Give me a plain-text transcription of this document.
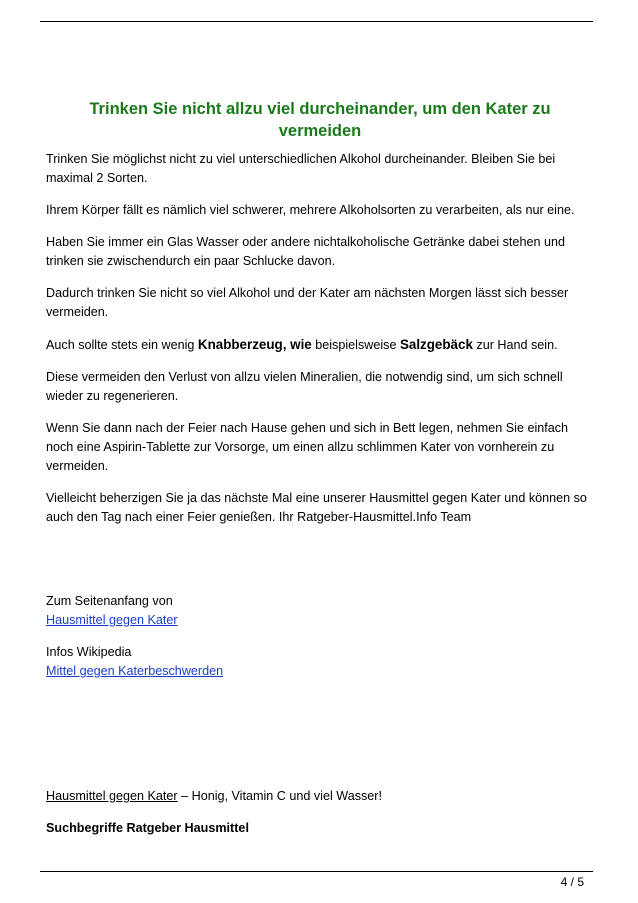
Trinken Sie nicht allzu viel durcheinander, um den Kater zu vermeiden

Trinken Sie möglichst nicht zu viel unterschiedlichen Alkohol durcheinander. Bleiben Sie bei maximal 2 Sorten.

Ihrem Körper fällt es nämlich viel schwerer, mehrere Alkoholsorten zu verarbeiten, als nur eine.

Haben Sie immer ein Glas Wasser oder andere nichtalkoholische Getränke dabei stehen und trinken sie zwischendurch ein paar Schlucke davon.

Dadurch trinken Sie nicht so viel Alkohol und der Kater am nächsten Morgen lässt sich besser vermeiden.

Auch sollte stets ein wenig Knabberzeug, wie beispielsweise Salzgebäck zur Hand sein.

Diese vermeiden den Verlust von allzu vielen Mineralien, die notwendig sind, um sich schnell wieder zu regenerieren.

Wenn Sie dann nach der Feier nach Hause gehen und sich in Bett legen, nehmen Sie einfach noch eine Aspirin-Tablette zur Vorsorge, um einen allzu schlimmen Kater von vornherein zu vermeiden.

Vielleicht beherzigen Sie ja das nächste Mal eine unserer Hausmittel gegen Kater und können so auch den Tag nach einer Feier genießen. Ihr Ratgeber-Hausmittel.Info Team

Zum Seitenanfang von
Hausmittel gegen Kater

Infos Wikipedia
Mittel gegen Katerbeschwerden

Hausmittel gegen Kater – Honig, Vitamin C und viel Wasser!

Suchbegriffe Ratgeber Hausmittel

4 / 5
